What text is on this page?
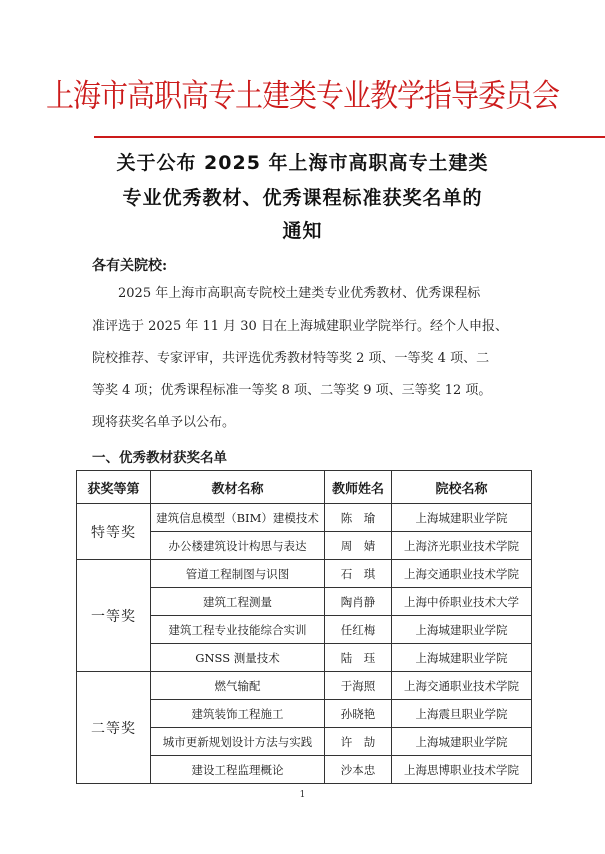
上海市高职高专土建类专业教学指导委员会
关于公布 2025 年上海市高职高专土建类
专业优秀教材、优秀课程标准获奖名单的
通知
各有关院校:
2025 年上海市高职高专院校土建类专业优秀教材、优秀课程标
准评选于 2025 年 11 月 30 日在上海城建职业学院举行。经个人申报、
院校推荐、专家评审，共评选优秀教材特等奖 2 项、一等奖 4 项、二
等奖 4 项；优秀课程标准一等奖 8 项、二等奖 9 项、三等奖 12 项。
现将获奖名单予以公布。
一、优秀教材获奖名单
获奖等第	教材名称	教师姓名	院校名称
特等奖	建筑信息模型（BIM）建模技术	陈　瑜	上海城建职业学院
	办公楼建筑设计构思与表达	周　婧	上海济光职业技术学院
一等奖	管道工程制图与识图	石　琪	上海交通职业技术学院
	建筑工程测量	陶肖静	上海中侨职业技术大学
	建筑工程专业技能综合实训	任红梅	上海城建职业学院
	GNSS 测量技术	陆　珏	上海城建职业学院
二等奖	燃气输配	于海照	上海交通职业技术学院
	建筑装饰工程施工	孙晓艳	上海震旦职业学院
	城市更新规划设计方法与实践	许　劼	上海城建职业学院
	建设工程监理概论	沙本忠	上海思博职业技术学院
1
